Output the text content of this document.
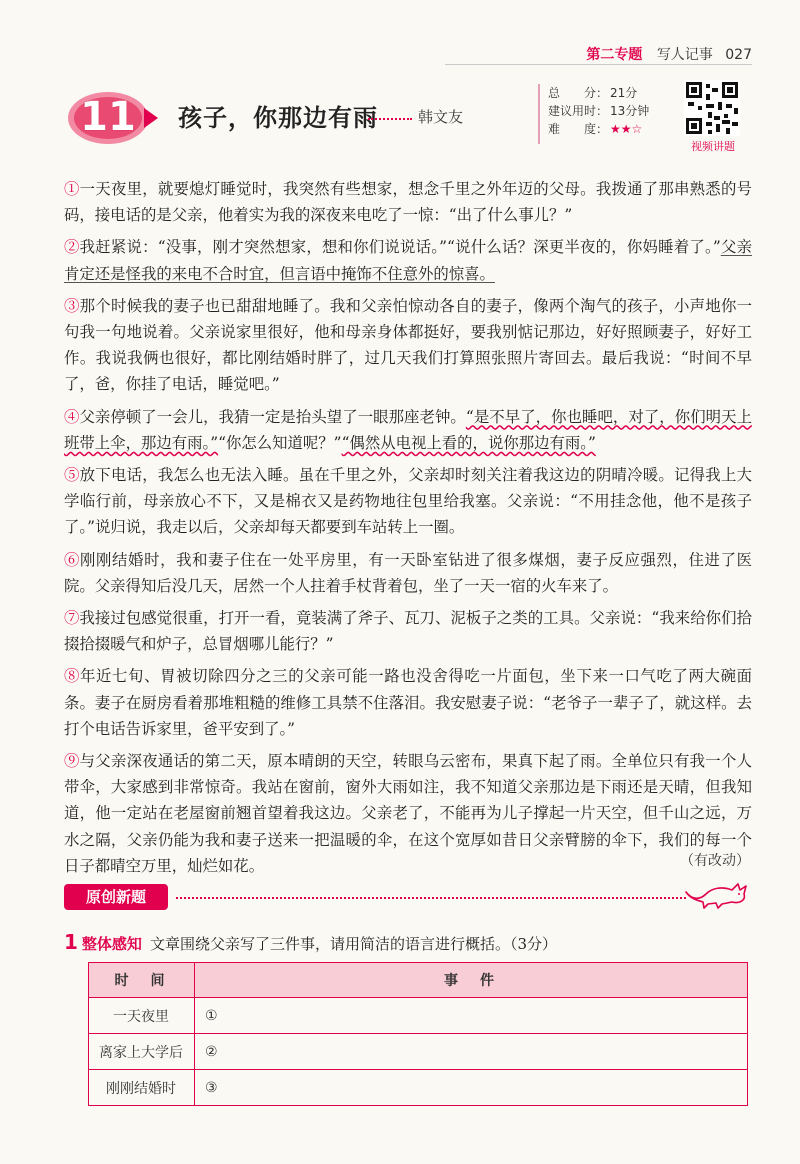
第二专题 写人记事 027
11 孩子，你那边有雨	韩文友
总　　分： 21分
建议用时： 13分钟
难　　度： ★★☆
视频讲题

①一天夜里，就要熄灯睡觉时，我突然有些想家，想念千里之外年迈的父母。我拨通了那串熟悉的号码，接电话的是父亲，他着实为我的深夜来电吃了一惊：“出了什么事儿？”

②我赶紧说：“没事，刚才突然想家，想和你们说说话。”“说什么话？深更半夜的，你妈睡着了。”父亲肯定还是怪我的来电不合时宜，但言语中掩饰不住意外的惊喜。

③那个时候我的妻子也已甜甜地睡了。我和父亲怕惊动各自的妻子，像两个淘气的孩子，小声地你一句我一句地说着。父亲说家里很好，他和母亲身体都挺好，要我别惦记那边，好好照顾妻子，好好工作。我说我俩也很好，都比刚结婚时胖了，过几天我们打算照张照片寄回去。最后我说：“时间不早了，爸，你挂了电话，睡觉吧。”

④父亲停顿了一会儿，我猜一定是抬头望了一眼那座老钟。“是不早了，你也睡吧，对了，你们明天上班带上伞，那边有雨。”“你怎么知道呢？”“偶然从电视上看的，说你那边有雨。”

⑤放下电话，我怎么也无法入睡。虽在千里之外，父亲却时刻关注着我这边的阴晴冷暖。记得我上大学临行前，母亲放心不下，又是棉衣又是药物地往包里给我塞。父亲说：“不用挂念他，他不是孩子了。”说归说，我走以后，父亲却每天都要到车站转上一圈。

⑥刚刚结婚时，我和妻子住在一处平房里，有一天卧室钻进了很多煤烟，妻子反应强烈，住进了医院。父亲得知后没几天，居然一个人拄着手杖背着包，坐了一天一宿的火车来了。

⑦我接过包感觉很重，打开一看，竟装满了斧子、瓦刀、泥板子之类的工具。父亲说：“我来给你们拾掇拾掇暖气和炉子，总冒烟哪儿能行？”

⑧年近七旬、胃被切除四分之三的父亲可能一路也没舍得吃一片面包，坐下来一口气吃了两大碗面条。妻子在厨房看着那堆粗糙的维修工具禁不住落泪。我安慰妻子说：“老爷子一辈子了，就这样。去打个电话告诉家里，爸平安到了。”

⑨与父亲深夜通话的第二天，原本晴朗的天空，转眼乌云密布，果真下起了雨。全单位只有我一个人带伞，大家感到非常惊奇。我站在窗前，窗外大雨如注，我不知道父亲那边是下雨还是天晴，但我知道，他一定站在老屋窗前翘首望着我这边。父亲老了，不能再为儿子撑起一片天空，但千山之远，万水之隔，父亲仍能为我和妻子送来一把温暖的伞，在这个宽厚如昔日父亲臂膀的伞下，我们的每一个日子都晴空万里，灿烂如花。	（有改动）
原创新题
1 整体感知 文章围绕父亲写了三件事，请用简洁的语言进行概括。（3分）
时　间	事　件
一天夜里	①
离家上大学后	②
刚刚结婚时	③
